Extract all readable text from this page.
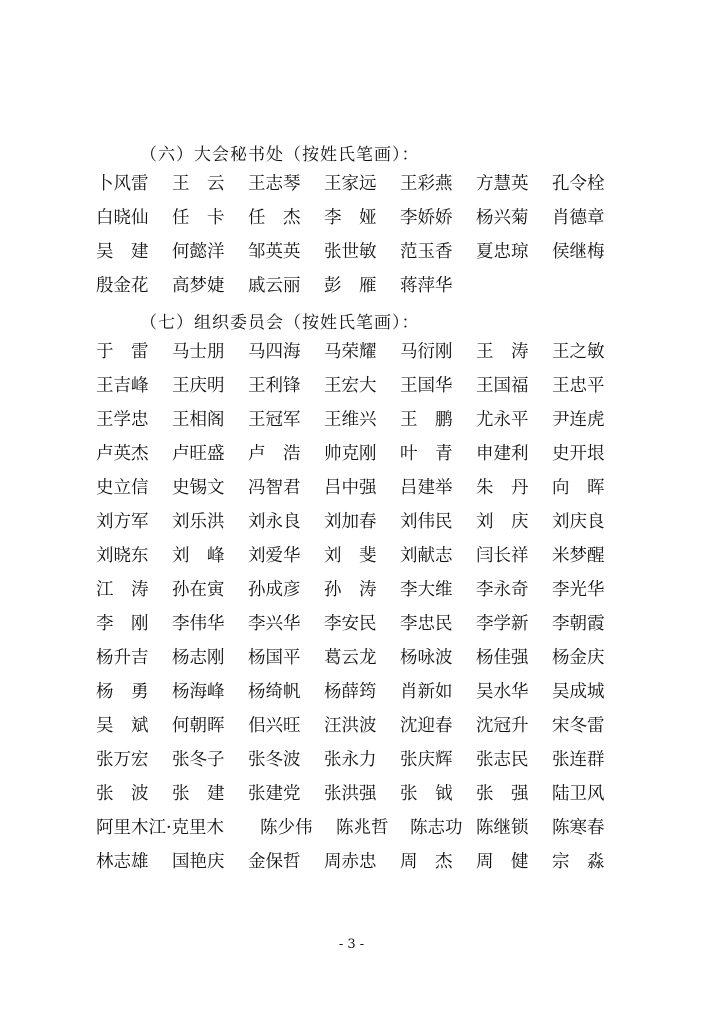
（六）大会秘书处（按姓氏笔画）：
卜风雷 王　云 王志琴 王家远 王彩燕 方慧英 孔令栓
白晓仙 任　卡 任　杰 李　娅 李娇娇 杨兴菊 肖德章
吴　建 何懿洋 邹英英 张世敏 范玉香 夏忠琼 侯继梅
殷金花 高梦婕 戚云丽 彭　雁 蒋萍华
（七）组织委员会（按姓氏笔画）：
于　雷 马士朋 马四海 马荣耀 马衍刚 王　涛 王之敏
王吉峰 王庆明 王利锋 王宏大 王国华 王国福 王忠平
王学忠 王相阁 王冠军 王维兴 王　鹏 尤永平 尹连虎
卢英杰 卢旺盛 卢　浩 帅克刚 叶　青 申建利 史开垠
史立信 史锡文 冯智君 吕中强 吕建举 朱　丹 向　晖
刘方军 刘乐洪 刘永良 刘加春 刘伟民 刘　庆 刘庆良
刘晓东 刘　峰 刘爱华 刘　斐 刘献志 闫长祥 米梦醒
江　涛 孙在寅 孙成彦 孙　涛 李大维 李永奇 李光华
李　刚 李伟华 李兴华 李安民 李忠民 李学新 李朝霞
杨升吉 杨志刚 杨国平 葛云龙 杨咏波 杨佳强 杨金庆
杨　勇 杨海峰 杨绮帆 杨薛筠 肖新如 吴水华 吴成城
吴　斌 何朝晖 佀兴旺 汪洪波 沈迎春 沈冠升 宋冬雷
张万宏 张冬子 张冬波 张永力 张庆辉 张志民 张连群
张　波 张　建 张建党 张洪强 张　钺 张　强 陆卫风
阿里木江·克里木 陈少伟 陈兆哲 陈志功 陈继锁 陈寒春
林志雄 国艳庆 金保哲 周赤忠 周　杰 周　健 宗　淼
- 3 -
